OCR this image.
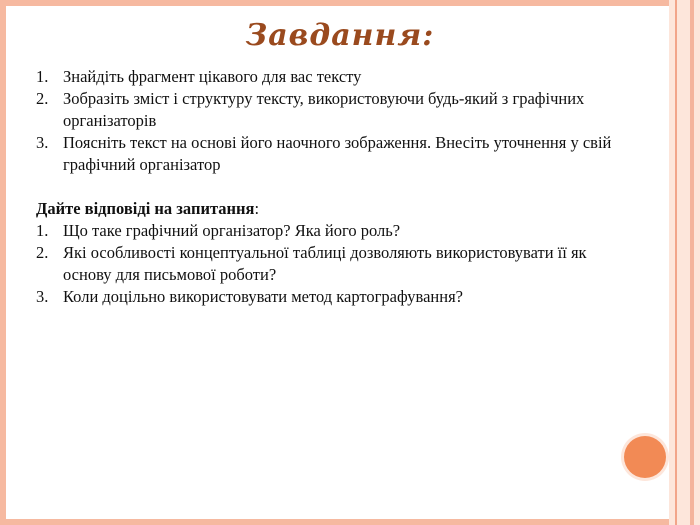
Завдання:
1. Знайдіть фрагмент цікавого для вас тексту
2. Зобразіть зміст і структуру тексту, використовуючи будь-який з графічних організаторів
3. Поясніть текст на основі його наочного зображення. Внесіть уточнення у свій графічний організатор
Дайте відповіді на запитання:
1. Що таке графічний організатор? Яка його роль?
2. Які особливості концептуальної таблиці дозволяють використовувати її як основу для письмової роботи?
3. Коли доцільно використовувати метод картографування?
